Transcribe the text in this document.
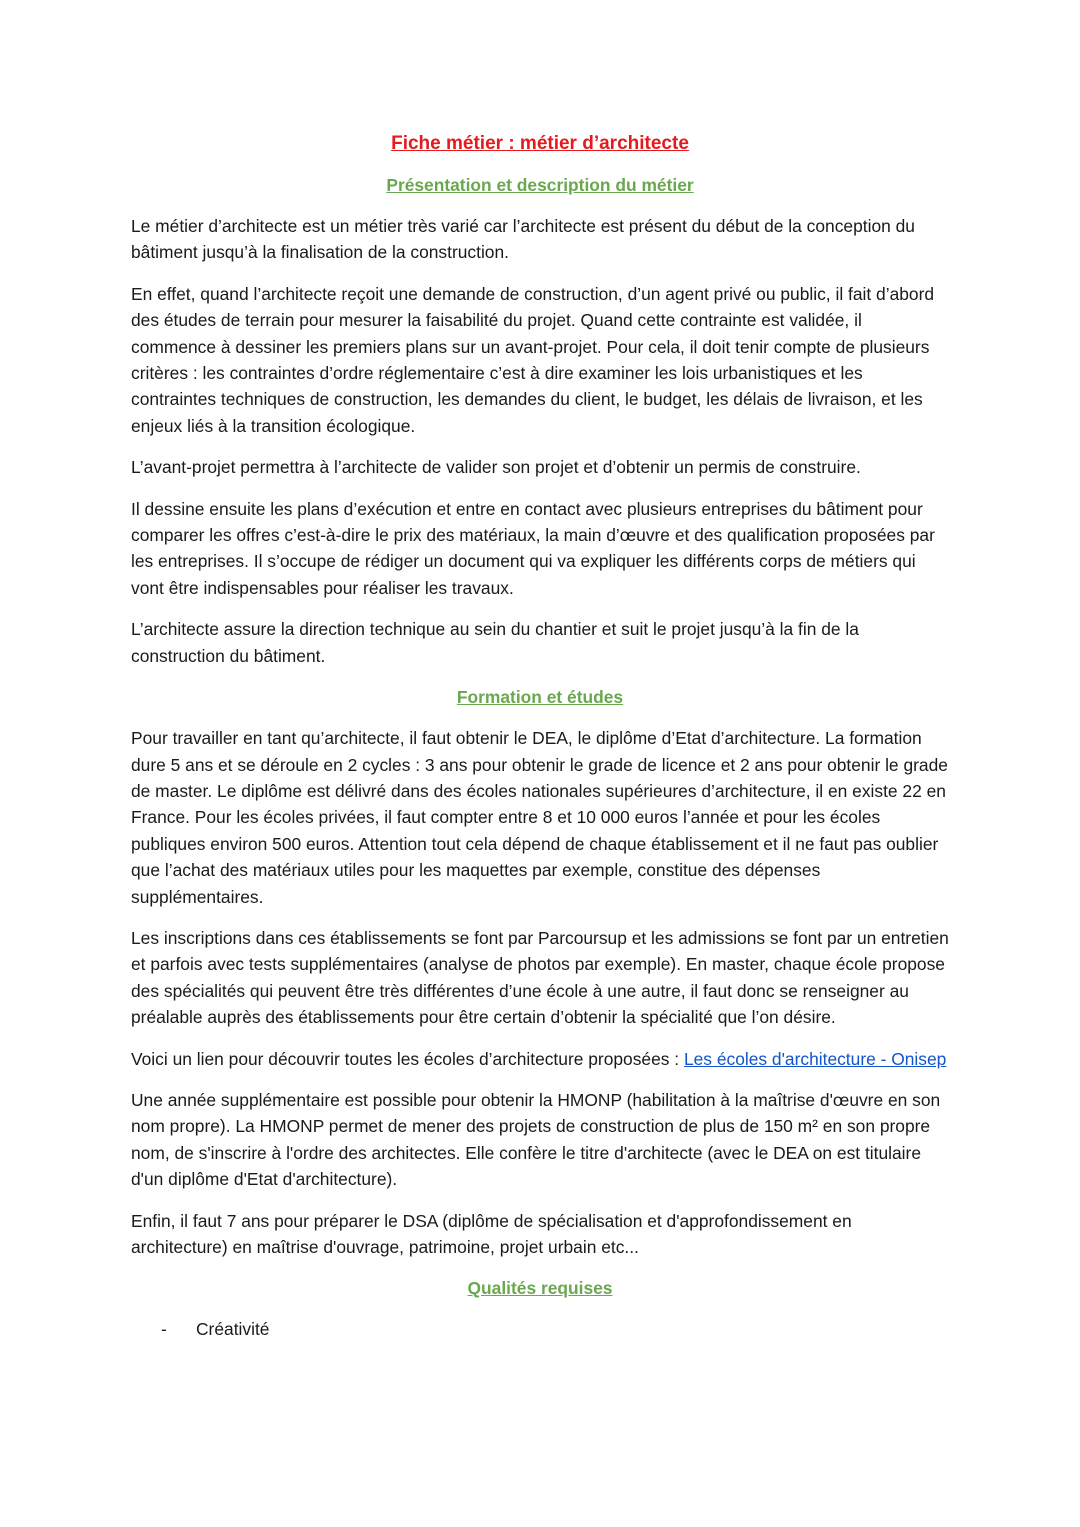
Fiche métier : métier d’architecte
Présentation et description du métier

Le métier d’architecte est un métier très varié car l’architecte est présent du début de la conception du bâtiment jusqu’à la finalisation de la construction.

En effet, quand l’architecte reçoit une demande de construction, d’un agent privé ou public, il fait d’abord des études de terrain pour mesurer la faisabilité du projet. Quand cette contrainte est validée, il commence à dessiner les premiers plans sur un avant-projet. Pour cela, il doit tenir compte de plusieurs critères : les contraintes d’ordre réglementaire c’est à dire examiner les lois urbanistiques et les contraintes techniques de construction, les demandes du client, le budget, les délais de livraison, et les enjeux liés à la transition écologique.

L’avant-projet permettra à l’architecte de valider son projet et d’obtenir un permis de construire.

Il dessine ensuite les plans d’exécution et entre en contact avec plusieurs entreprises du bâtiment pour comparer les offres c’est-à-dire le prix des matériaux, la main d’œuvre et des qualification proposées par les entreprises. Il s’occupe de rédiger un document qui va expliquer les différents corps de métiers qui vont être indispensables pour réaliser les travaux.

L’architecte assure la direction technique au sein du chantier et suit le projet jusqu’à la fin de la construction du bâtiment.

Formation et études

Pour travailler en tant qu’architecte, il faut obtenir le DEA, le diplôme d’Etat d’architecture. La formation dure 5 ans et se déroule en 2 cycles : 3 ans pour obtenir le grade de licence et 2 ans pour obtenir le grade de master. Le diplôme est délivré dans des écoles nationales supérieures d’architecture, il en existe 22 en France. Pour les écoles privées, il faut compter entre 8 et 10 000 euros l’année et pour les écoles publiques environ 500 euros. Attention tout cela dépend de chaque établissement et il ne faut pas oublier que l’achat des matériaux utiles pour les maquettes par exemple, constitue des dépenses supplémentaires.

Les inscriptions dans ces établissements se font par Parcoursup et les admissions se font par un entretien et parfois avec tests supplémentaires (analyse de photos par exemple). En master, chaque école propose des spécialités qui peuvent être très différentes d’une école à une autre, il faut donc se renseigner au préalable auprès des établissements pour être certain d’obtenir la spécialité que l’on désire.

Voici un lien pour découvrir toutes les écoles d’architecture proposées : Les écoles d'architecture - Onisep

Une année supplémentaire est possible pour obtenir la HMONP (habilitation à la maîtrise d'œuvre en son nom propre). La HMONP permet de mener des projets de construction de plus de 150 m² en son propre nom, de s'inscrire à l'ordre des architectes. Elle confère le titre d'architecte (avec le DEA on est titulaire d'un diplôme d'Etat d'architecture).

Enfin, il faut 7 ans pour préparer le DSA (diplôme de spécialisation et d'approfondissement en architecture) en maîtrise d'ouvrage, patrimoine, projet urbain etc...

Qualités requises
-	Créativité
